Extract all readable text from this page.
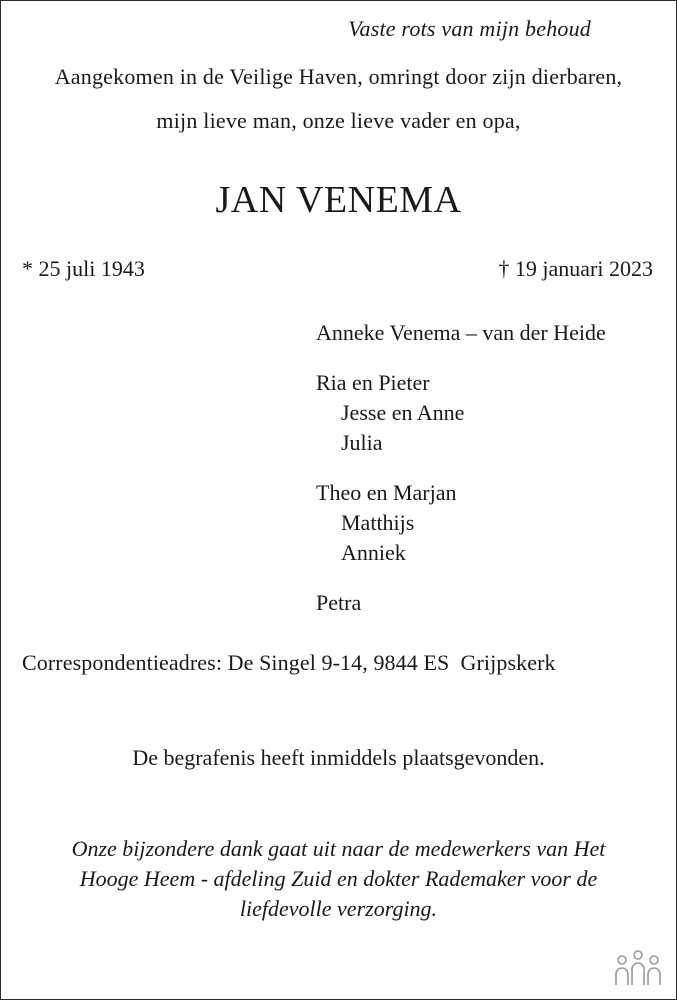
Vaste rots van mijn behoud
Aangekomen in de Veilige Haven, omringt door zijn dierbaren,
mijn lieve man, onze lieve vader en opa,
JAN VENEMA
* 25 juli 1943	† 19 januari 2023
Anneke Venema – van der Heide
Ria en Pieter
Jesse en Anne
Julia
Theo en Marjan
Matthijs
Anniek
Petra
Correspondentieadres: De Singel 9-14, 9844 ES  Grijpskerk
De begrafenis heeft inmiddels plaatsgevonden.
Onze bijzondere dank gaat uit naar de medewerkers van Het
Hooge Heem - afdeling Zuid en dokter Rademaker voor de
liefdevolle verzorging.
